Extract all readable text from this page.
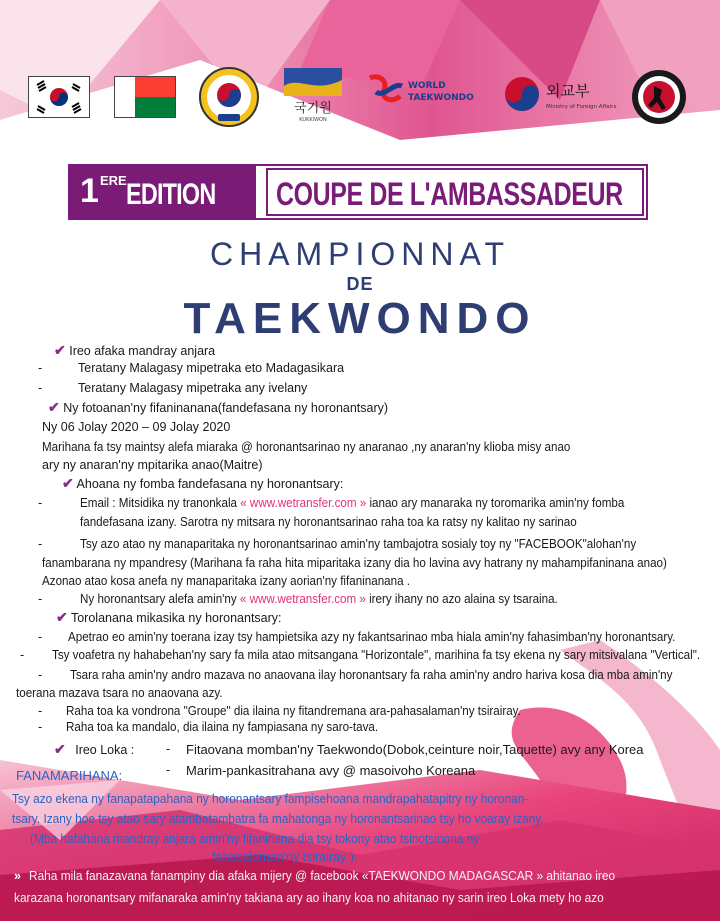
국기원
KUKKIWON
WORLD
TAEKWONDO	외교부
Ministry of Foreign Affairs
1 ERE EDITION COUPE DE L'AMBASSADEUR
CHAMPIONNAT
DE
TAEKWONDO
✔ Ireo afaka mandray anjara
-	Teratany Malagasy mipetraka eto Madagasikara
-	Teratany Malagasy mipetraka any ivelany
✔ Ny fotoanan'ny fifaninanana(fandefasana ny horonantsary)
Ny 06 Jolay 2020 – 09 Jolay 2020
Marihana fa tsy maintsy alefa miaraka @ horonantsarinao ny anaranao ,ny anaran'ny klioba misy anao
ary ny anaran'ny mpitarika anao(Maitre)
✔ Ahoana ny fomba fandefasana ny horonantsary:
-	Email : Mitsidika ny tranonkala « www.wetransfer.com » ianao ary manaraka ny toromarika amin'ny fomba
fandefasana izany. Sarotra ny mitsara ny horonantsarinao raha toa ka ratsy ny kalitao ny sarinao
-	Tsy azo atao ny manaparitaka ny horonantsarinao amin'ny tambajotra sosialy toy ny "FACEBOOK"alohan'ny
fanambarana ny mpandresy (Marihana fa raha hita miparitaka izany dia ho lavina avy hatrany ny mahampifaninana anao)
Azonao atao kosa anefa ny manaparitaka izany aorian'ny fifaninanana .
-	Ny horonantsary alefa amin'ny « www.wetransfer.com » irery ihany no azo alaina sy tsaraina.
✔ Torolanana mikasika ny horonantsary:
- Apetrao eo amin'ny toerana izay tsy hampietsika azy ny fakantsarinao mba hiala amin'ny fahasimban'ny horonantsary.
- Tsy voafetra ny hahabehan'ny sary fa mila atao mitsangana "Horizontale", marihina fa tsy ekena ny sary mitsivalana "Vertical".
- Tsara raha amin'ny andro mazava no anaovana ilay horonantsary fa raha amin'ny andro hariva kosa dia mba amin'ny
toerana mazava tsara no anaovana azy.
- Raha toa ka vondrona "Groupe" dia ilaina ny fitandremana ara-pahasalaman'ny tsirairay.
- Raha toa ka mandalo, dia ilaina ny fampiasana ny saro-tava.
✔ Ireo Loka :	- Fitaovana momban'ny Taekwondo(Dobok,ceinture noir,Taquette) avy any Korea
- Marim-pankasitrahana avy @ masoivoho Koreana
FANAMARIHANA:
Tsy azo ekena ny fanapatapahana ny horonantsary fampisehoana mandrapahatapitry ny horonan-
tsary. Izany hoe tsy atao sary atambatambatra fa mahatonga ny horonantsarinao tsy ho voaray izany.
(Mba hafahana mandray anjara amin'ny fifaninana dia tsy tokony atao tsinotsinona ny
fahasalaman'ny tsirairay ).
» Raha mila fanazavana fanampiny dia afaka mijery @ facebook «TAEKWONDO MADAGASCAR » ahitanao ireo
karazana horonantsary mifanaraka amin'ny takiana ary ao ihany koa no ahitanao ny sarin ireo Loka mety ho azo
